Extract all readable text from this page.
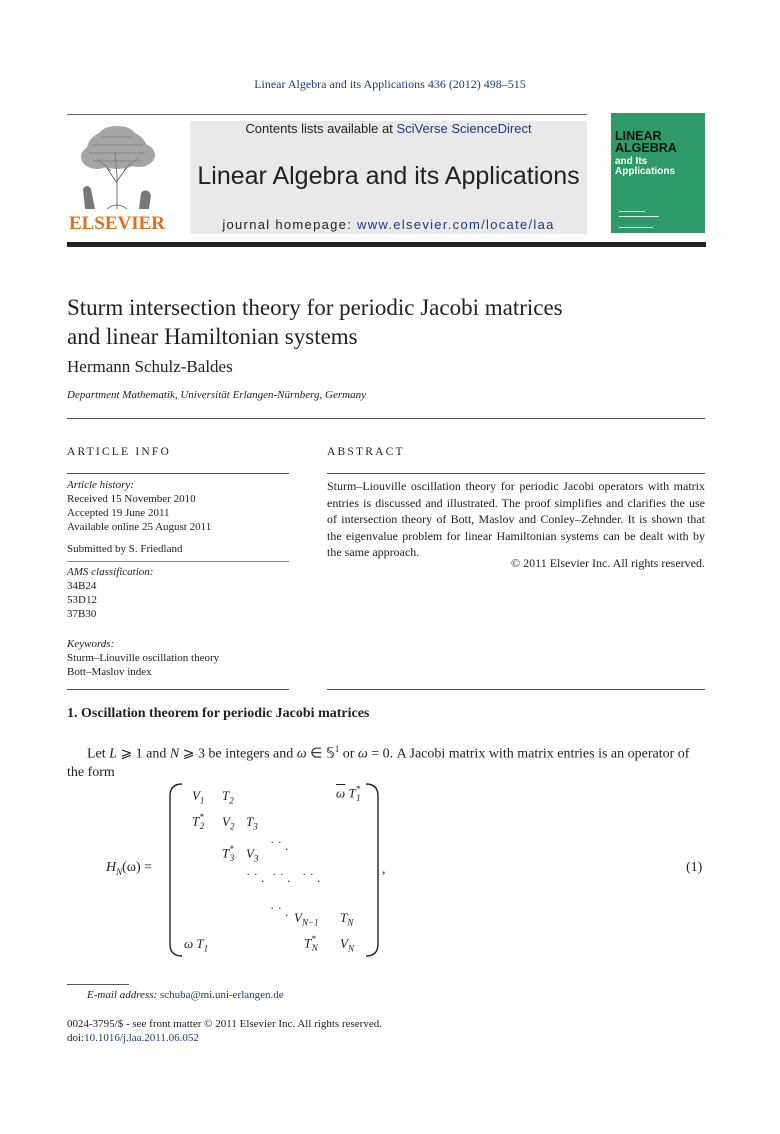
Linear Algebra and its Applications 436 (2012) 498–515
ELSEVIER
Contents lists available at SciVerse ScienceDirect
Linear Algebra and its Applications
journal homepage: www.elsevier.com/locate/laa
LINEAR
ALGEBRA
and Its
Applications
Sturm intersection theory for periodic Jacobi matrices
and linear Hamiltonian systems
Hermann Schulz-Baldes
Department Mathematik, Universität Erlangen-Nürnberg, Germany
ARTICLE INFO
Article history:
Received 15 November 2010
Accepted 19 June 2011
Available online 25 August 2011
Submitted by S. Friedland
AMS classification:
34B24
53D12
37B30
Keywords:
Sturm–Liouville oscillation theory
Bott–Maslov index
ABSTRACT
Sturm–Liouville oscillation theory for periodic Jacobi operators with matrix entries is discussed and illustrated. The proof simplifies and clarifies the use of intersection theory of Bott, Maslov and Conley–Zehnder. It is shown that the eigenvalue problem for linear Hamiltonian systems can be dealt with by the same approach.
© 2011 Elsevier Inc. All rights reserved.
1. Oscillation theorem for periodic Jacobi matrices
Let L ⩾ 1 and N ⩾ 3 be integers and ω ∈ 𝕊$^1$ or ω = 0. A Jacobi matrix with matrix entries is an operator of the form
$H_N(\omega)$ =
$V_1$ $T_2$
$\overline{\omega}$ $T^*_1$
$T^*_2$ $V_2$ $T_3$
$T^*_3$ $V_3$
˙ ˙ .
˙ ˙ . ˙ ˙ . ˙ ˙ .
˙ ˙ . $V_{N-1}$ $T_N$
ω $T_1$	$T^*_N$ $V_N$
,	(1)
E-mail address: schuba@mi.uni-erlangen.de
0024-3795/$ - see front matter © 2011 Elsevier Inc. All rights reserved.
doi:10.1016/j.laa.2011.06.052
